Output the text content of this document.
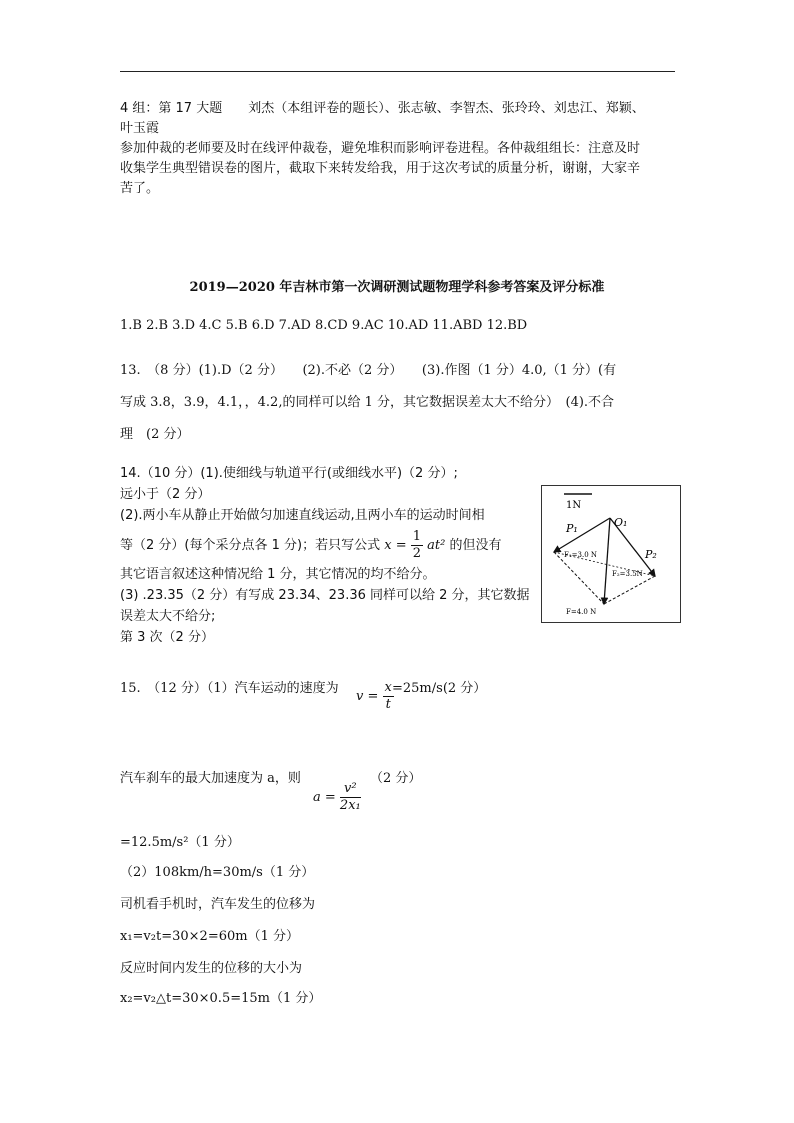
4 组：第 17 大题　　刘杰（本组评卷的题长）、张志敏、李智杰、张玲玲、刘忠江、郑颖、
叶玉霞
参加仲裁的老师要及时在线评仲裁卷，避免堆积而影响评卷进程。各仲裁组组长：注意及时
收集学生典型错误卷的图片，截取下来转发给我，用于这次考试的质量分析，谢谢，大家辛
苦了。
2019—2020 年吉林市第一次调研测试题物理学科参考答案及评分标准
1.B 2.B 3.D 4.C 5.B 6.D 7.AD 8.CD 9.AC 10.AD 11.ABD 12.BD
13.　（8 分）(1).D（2 分）　　(2).不必（2 分）　　(3).作图（1 分）4.0,（1 分）(有
写成 3.8，3.9，4.1，，4.2,的同样可以给 1 分，其它数据误差太大不给分）　(4).不合
理　(2 分）
14.（10 分）(1).使细线与轨道平行(或细线水平)（2 分）;
远小于（2 分）
(2).两小车从静止开始做匀加速直线运动,且两小车的运动时间相
等（2 分）(每个采分点各 1 分)；若只写公式 $x = \frac{1}{2} at^2$ 的但没有
其它语言叙述这种情况给 1 分，其它情况的均不给分。
(3) .23.35（2 分）有写成 23.34、23.36 同样可以给 2 分，其它数据
误差太大不给分;
第 3 次（2 分）
1N
O₁
P₁
P₂
F₁=3.0 N
F₂=3.5N
F=4.0 N
15.　（12 分）（1）汽车运动的速度为
$v = \frac{x}{t}$
=25m/s(2 分）
汽车刹车的最大加速度为 a，则	（2 分）
$a = \frac{\text{v²}}{\text{2x₁}}$
=12.5m/s²（1 分）
（2）108km/h=30m/s（1 分）
司机看手机时，汽车发生的位移为
x₁=v₂t=30×2=60m（1 分）
反应时间内发生的位移的大小为
x₂=v₂△t=30×0.5=15m（1 分）
